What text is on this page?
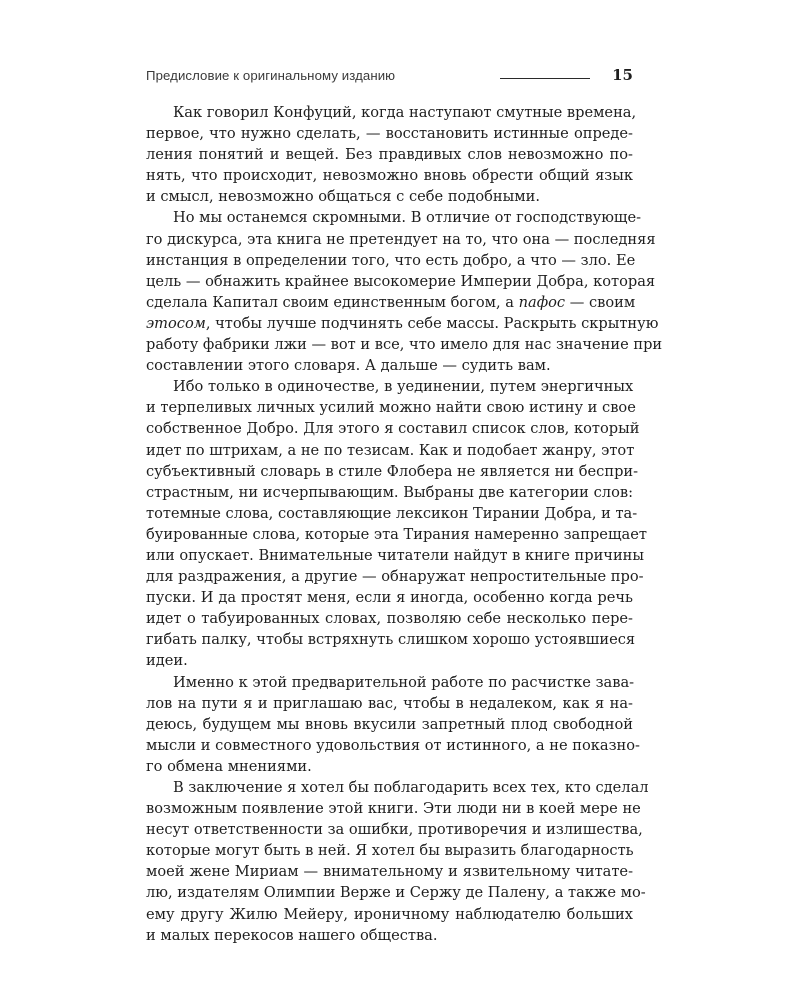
Предисловие к оригинальному изданию	15

Как говорил Конфуций, когда наступают смутные времена,
первое, что нужно сделать, — восстановить истинные опреде-
ления понятий и вещей. Без правдивых слов невозможно по-
нять, что происходит, невозможно вновь обрести общий язык
и смысл, невозможно общаться с себе подобными.

Но мы останемся скромными. В отличие от господствующе-
го дискурса, эта книга не претендует на то, что она — последняя
инстанция в определении того, что есть добро, а что — зло. Ее
цель — обнажить крайнее высокомерие Империи Добра, которая
сделала Капитал своим единственным богом, а пафос — своим
этосом, чтобы лучше подчинять себе массы. Раскрыть скрытную
работу фабрики лжи — вот и все, что имело для нас значение при
составлении этого словаря. А дальше — судить вам.

Ибо только в одиночестве, в уединении, путем энергичных
и терпеливых личных усилий можно найти свою истину и свое
собственное Добро. Для этого я составил список слов, который
идет по штрихам, а не по тезисам. Как и подобает жанру, этот
субъективный словарь в стиле Флобера не является ни беспри-
страстным, ни исчерпывающим. Выбраны две категории слов:
тотемные слова, составляющие лексикон Тирании Добра, и та-
буированные слова, которые эта Тирания намеренно запрещает
или опускает. Внимательные читатели найдут в книге причины
для раздражения, а другие — обнаружат непростительные про-
пуски. И да простят меня, если я иногда, особенно когда речь
идет о табуированных словах, позволяю себе несколько пере-
гибать палку, чтобы встряхнуть слишком хорошо устоявшиеся
идеи.

Именно к этой предварительной работе по расчистке зава-
лов на пути я и приглашаю вас, чтобы в недалеком, как я на-
деюсь, будущем мы вновь вкусили запретный плод свободной
мысли и совместного удовольствия от истинного, а не показно-
го обмена мнениями.

В заключение я хотел бы поблагодарить всех тех, кто сделал
возможным появление этой книги. Эти люди ни в коей мере не
несут ответственности за ошибки, противоречия и излишества,
которые могут быть в ней. Я хотел бы выразить благодарность
моей жене Мириам — внимательному и язвительному читате-
лю, издателям Олимпии Верже и Сержу де Палену, а также мо-
ему другу Жилю Мейеру, ироничному наблюдателю больших
и малых перекосов нашего общества.
